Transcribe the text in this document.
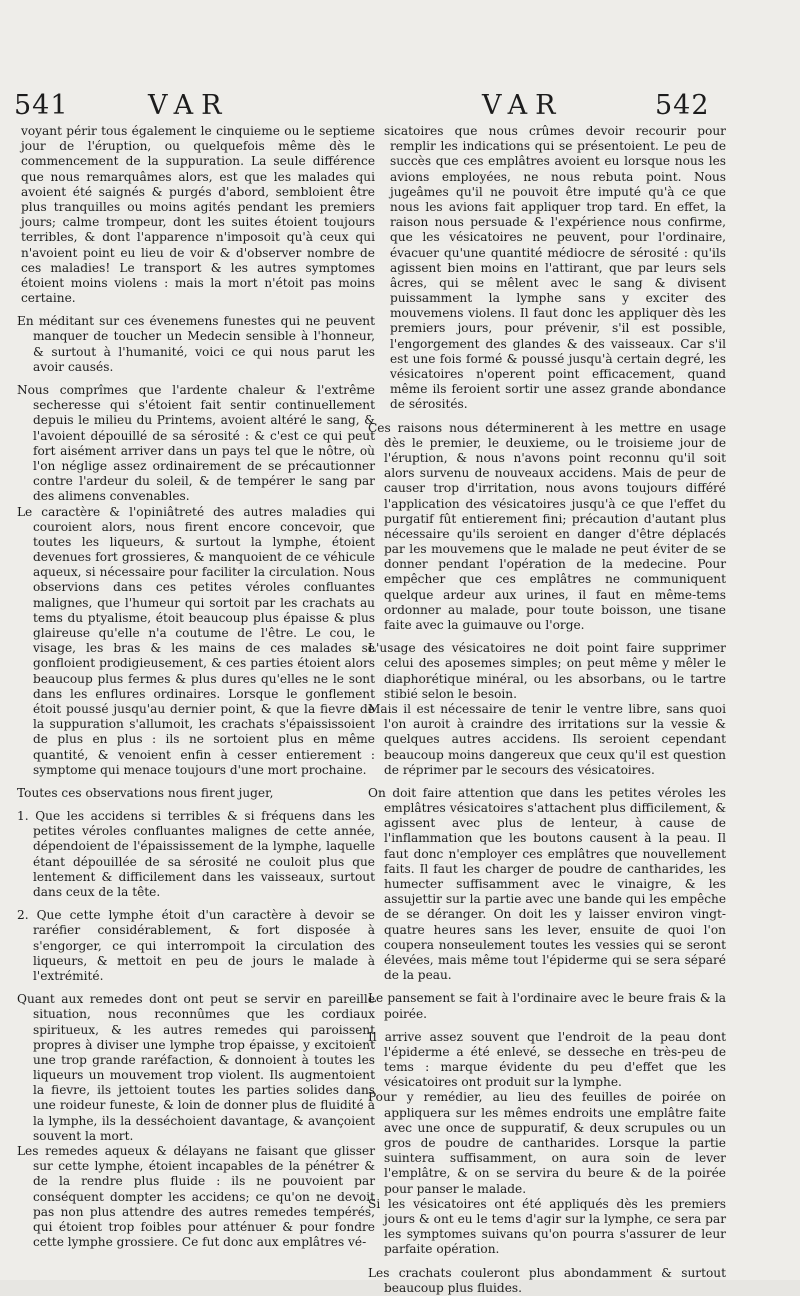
541	VAR	VAR	542

voyant périr tous également le cinquieme ou le septieme jour de l'éruption, ou quelquefois même dès le commencement de la suppuration. La seule différence que nous remarquâmes alors, est que les malades qui avoient été saignés & purgés d'abord, sembloient être plus tranquilles ou moins agités pendant les premiers jours; calme trompeur, dont les suites étoient toujours terribles, & dont l'apparence n'imposoit qu'à ceux qui n'avoient point eu lieu de voir & d'observer nombre de ces maladies! Le transport & les autres symptomes étoient moins violens : mais la mort n'étoit pas moins certaine.

En méditant sur ces évenemens funestes qui ne peuvent manquer de toucher un Medecin sensible à l'honneur, & surtout à l'humanité, voici ce qui nous parut les avoir causés.

Nous comprîmes que l'ardente chaleur & l'extrême secheresse qui s'étoient fait sentir continuellement depuis le milieu du Printems, avoient altéré le sang, & l'avoient dépouillé de sa sérosité : & c'est ce qui peut fort aisément arriver dans un pays tel que le nôtre, où l'on néglige assez ordinairement de se précautionner contre l'ardeur du soleil, & de tempérer le sang par des alimens convenables.

Le caractère & l'opiniâtreté des autres maladies qui couroient alors, nous firent encore concevoir, que toutes les liqueurs, & surtout la lymphe, étoient devenues fort grossieres, & manquoient de ce véhicule aqueux, si nécessaire pour faciliter la circulation. Nous observions dans ces petites véroles confluantes malignes, que l'humeur qui sortoit par les crachats au tems du ptyalisme, étoit beaucoup plus épaisse & plus glaireuse qu'elle n'a coutume de l'être. Le cou, le visage, les bras & les mains de ces malades se gonfloient prodigieusement, & ces parties étoient alors beaucoup plus fermes & plus dures qu'elles ne le sont dans les enflures ordinaires. Lorsque le gonflement étoit poussé jusqu'au dernier point, & que la fievre de la suppuration s'allumoit, les crachats s'épaississoient de plus en plus : ils ne sortoient plus en même quantité, & venoient enfin à cesser entierement : symptome qui menace toujours d'une mort prochaine.

Toutes ces observations nous firent juger,

1. Que les accidens si terribles & si fréquens dans les petites véroles confluantes malignes de cette année, dépendoient de l'épaississement de la lymphe, laquelle étant dépouillée de sa sérosité ne couloit plus que lentement & difficilement dans les vaisseaux, surtout dans ceux de la tête.

2. Que cette lymphe étoit d'un caractère à devoir se raréfier considérablement, & fort disposée à s'engorger, ce qui interrompoit la circulation des liqueurs, & mettoit en peu de jours le malade à l'extrémité.

Quant aux remedes dont ont peut se servir en pareille situation, nous reconnûmes que les cordiaux spiritueux, & les autres remedes qui paroissent propres à diviser une lymphe trop épaisse, y excitoient une trop grande raréfaction, & donnoient à toutes les liqueurs un mouvement trop violent. Ils augmentoient la fievre, ils jettoient toutes les parties solides dans une roideur funeste, & loin de donner plus de fluidité à la lymphe, ils la desséchoient davantage, & avançoient souvent la mort.

Les remedes aqueux & délayans ne faisant que glisser sur cette lymphe, étoient incapables de la pénétrer & de la rendre plus fluide : ils ne pouvoient par conséquent dompter les accidens; ce qu'on ne devoit pas non plus attendre des autres remedes tempérés, qui étoient trop foibles pour atténuer & pour fondre cette lymphe grossiere. Ce fut donc aux emplâtres vé-

sicatoires que nous crûmes devoir recourir pour remplir les indications qui se présentoient. Le peu de succès que ces emplâtres avoient eu lorsque nous les avions employées, ne nous rebuta point. Nous jugeâmes qu'il ne pouvoit être imputé qu'à ce que nous les avions fait appliquer trop tard. En effet, la raison nous persuade & l'expérience nous confirme, que les vésicatoires ne peuvent, pour l'ordinaire, évacuer qu'une quantité médiocre de sérosité : qu'ils agissent bien moins en l'attirant, que par leurs sels âcres, qui se mêlent avec le sang & divisent puissamment la lymphe sans y exciter des mouvemens violens. Il faut donc les appliquer dès les premiers jours, pour prévenir, s'il est possible, l'engorgement des glandes & des vaisseaux. Car s'il est une fois formé & poussé jusqu'à certain degré, les vésicatoires n'operent point efficacement, quand même ils feroient sortir une assez grande abondance de sérosités.

Ces raisons nous déterminerent à les mettre en usage dès le premier, le deuxieme, ou le troisieme jour de l'éruption, & nous n'avons point reconnu qu'il soit alors survenu de nouveaux accidens. Mais de peur de causer trop d'irritation, nous avons toujours différé l'application des vésicatoires jusqu'à ce que l'effet du purgatif fût entierement fini; précaution d'autant plus nécessaire qu'ils seroient en danger d'être déplacés par les mouvemens que le malade ne peut éviter de se donner pendant l'opération de la medecine. Pour empêcher que ces emplâtres ne communiquent quelque ardeur aux urines, il faut en même-tems ordonner au malade, pour toute boisson, une tisane faite avec la guimauve ou l'orge.

L'usage des vésicatoires ne doit point faire supprimer celui des aposemes simples; on peut même y mêler le diaphorétique minéral, ou les absorbans, ou le tartre stibié selon le besoin.

Mais il est nécessaire de tenir le ventre libre, sans quoi l'on auroit à craindre des irritations sur la vessie & quelques autres accidens. Ils seroient cependant beaucoup moins dangereux que ceux qu'il est question de réprimer par le secours des vésicatoires.

On doit faire attention que dans les petites véroles les emplâtres vésicatoires s'attachent plus difficilement, & agissent avec plus de lenteur, à cause de l'inflammation que les boutons causent à la peau. Il faut donc n'employer ces emplâtres que nouvellement faits. Il faut les charger de poudre de cantharides, les humecter suffisamment avec le vinaigre, & les assujettir sur la partie avec une bande qui les empêche de se déranger. On doit les y laisser environ vingt-quatre heures sans les lever, ensuite de quoi l'on coupera nonseulement toutes les vessies qui se seront élevées, mais même tout l'épiderme qui se sera séparé de la peau.

Le pansement se fait à l'ordinaire avec le beure frais & la poirée.

Il arrive assez souvent que l'endroit de la peau dont l'épiderme a été enlevé, se desseche en très-peu de tems : marque évidente du peu d'effet que les vésicatoires ont produit sur la lymphe.

Pour y remédier, au lieu des feuilles de poirée on appliquera sur les mêmes endroits une emplâtre faite avec une once de suppuratif, & deux scrupules ou un gros de poudre de cantharides. Lorsque la partie suintera suffisamment, on aura soin de lever l'emplâtre, & on se servira du beure & de la poirée pour panser le malade.

Si les vésicatoires ont été appliqués dès les premiers jours & ont eu le tems d'agir sur la lymphe, ce sera par les symptomes suivans qu'on pourra s'assurer de leur parfaite opération.

Les crachats couleront plus abondamment & surtout beaucoup plus fluides.
